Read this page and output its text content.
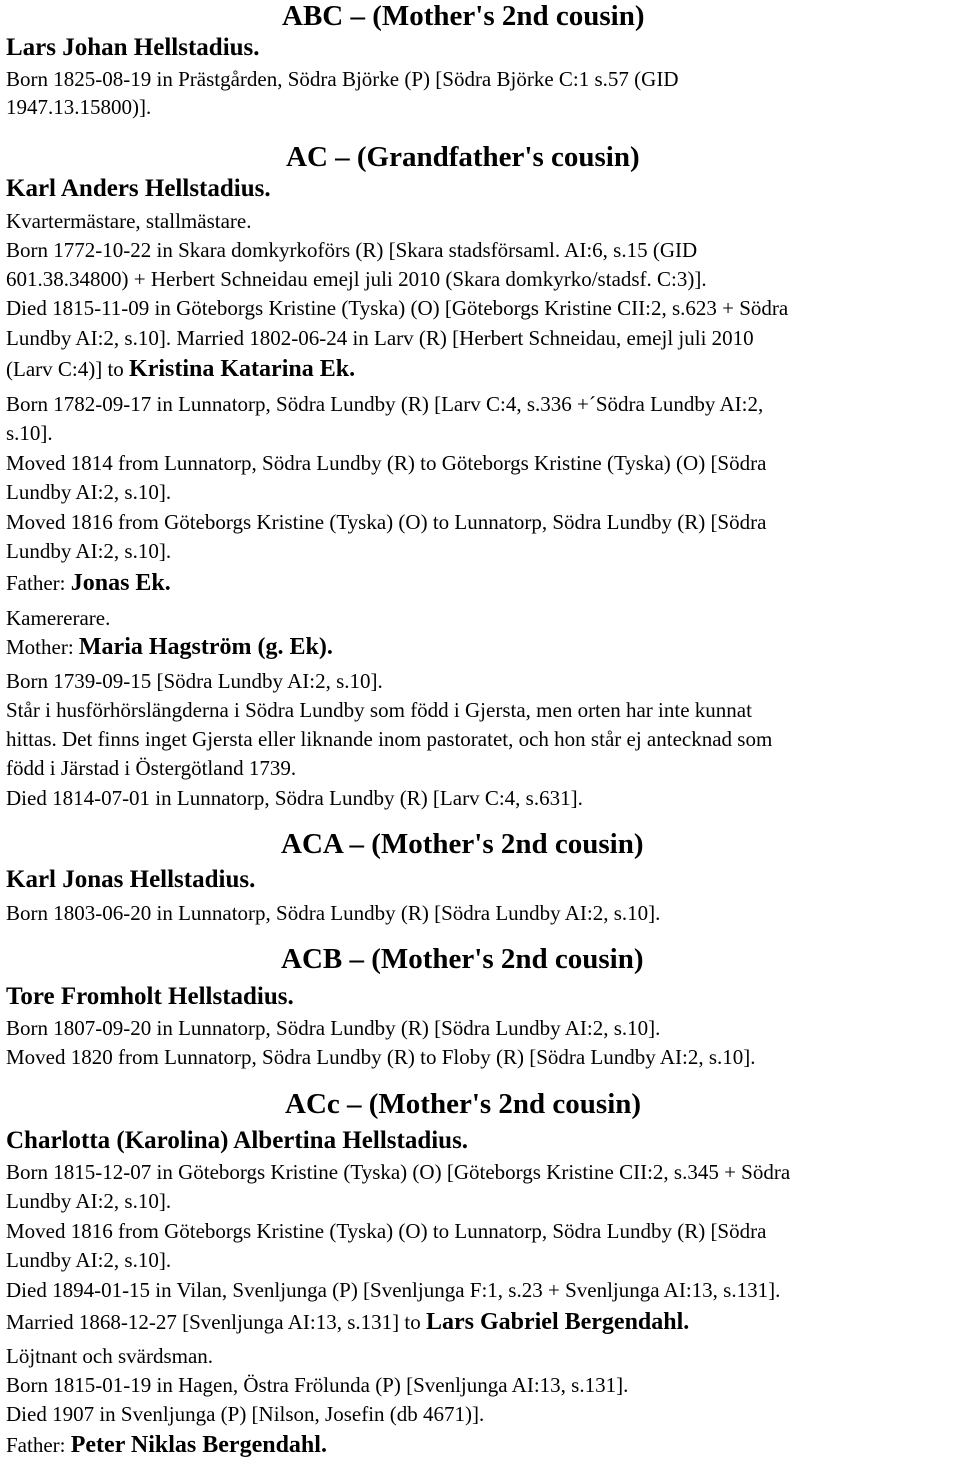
ABC – (Mother's 2nd cousin)
Lars Johan Hellstadius.
Born 1825-08-19 in Prästgården, Södra Björke (P) [Södra Björke C:1 s.57 (GID
1947.13.15800)].
AC – (Grandfather's cousin)
Karl Anders Hellstadius.
Kvartermästare, stallmästare.
Born 1772-10-22 in Skara domkyrkoförs (R) [Skara stadsförsaml. AI:6, s.15 (GID
601.38.34800) + Herbert Schneidau emejl juli 2010 (Skara domkyrko/stadsf. C:3)].
Died 1815-11-09 in Göteborgs Kristine (Tyska) (O) [Göteborgs Kristine CII:2, s.623 + Södra
Lundby AI:2, s.10]. Married 1802-06-24 in Larv (R) [Herbert Schneidau, emejl juli 2010
(Larv C:4)] to Kristina Katarina Ek.
Born 1782-09-17 in Lunnatorp, Södra Lundby (R) [Larv C:4, s.336 +´Södra Lundby AI:2,
s.10].
Moved 1814 from Lunnatorp, Södra Lundby (R) to Göteborgs Kristine (Tyska) (O) [Södra
Lundby AI:2, s.10].
Moved 1816 from Göteborgs Kristine (Tyska) (O) to Lunnatorp, Södra Lundby (R) [Södra
Lundby AI:2, s.10].
Father: Jonas Ek.
Kamererare.
Mother: Maria Hagström (g. Ek).
Born 1739-09-15 [Södra Lundby AI:2, s.10].
Står i husförhörslängderna i Södra Lundby som född i Gjersta, men orten har inte kunnat
hittas. Det finns inget Gjersta eller liknande inom pastoratet, och hon står ej antecknad som
född i Järstad i Östergötland 1739.
Died 1814-07-01 in Lunnatorp, Södra Lundby (R) [Larv C:4, s.631].
ACA – (Mother's 2nd cousin)
Karl Jonas Hellstadius.
Born 1803-06-20 in Lunnatorp, Södra Lundby (R) [Södra Lundby AI:2, s.10].
ACB – (Mother's 2nd cousin)
Tore Fromholt Hellstadius.
Born 1807-09-20 in Lunnatorp, Södra Lundby (R) [Södra Lundby AI:2, s.10].
Moved 1820 from Lunnatorp, Södra Lundby (R) to Floby (R) [Södra Lundby AI:2, s.10].
ACc – (Mother's 2nd cousin)
Charlotta (Karolina) Albertina Hellstadius.
Born 1815-12-07 in Göteborgs Kristine (Tyska) (O) [Göteborgs Kristine CII:2, s.345 + Södra
Lundby AI:2, s.10].
Moved 1816 from Göteborgs Kristine (Tyska) (O) to Lunnatorp, Södra Lundby (R) [Södra
Lundby AI:2, s.10].
Died 1894-01-15 in Vilan, Svenljunga (P) [Svenljunga F:1, s.23 + Svenljunga AI:13, s.131].
Married 1868-12-27 [Svenljunga AI:13, s.131] to Lars Gabriel Bergendahl.
Löjtnant och svärdsman.
Born 1815-01-19 in Hagen, Östra Frölunda (P) [Svenljunga AI:13, s.131].
Died 1907 in Svenljunga (P) [Nilson, Josefin (db 4671)].
Father: Peter Niklas Bergendahl.
